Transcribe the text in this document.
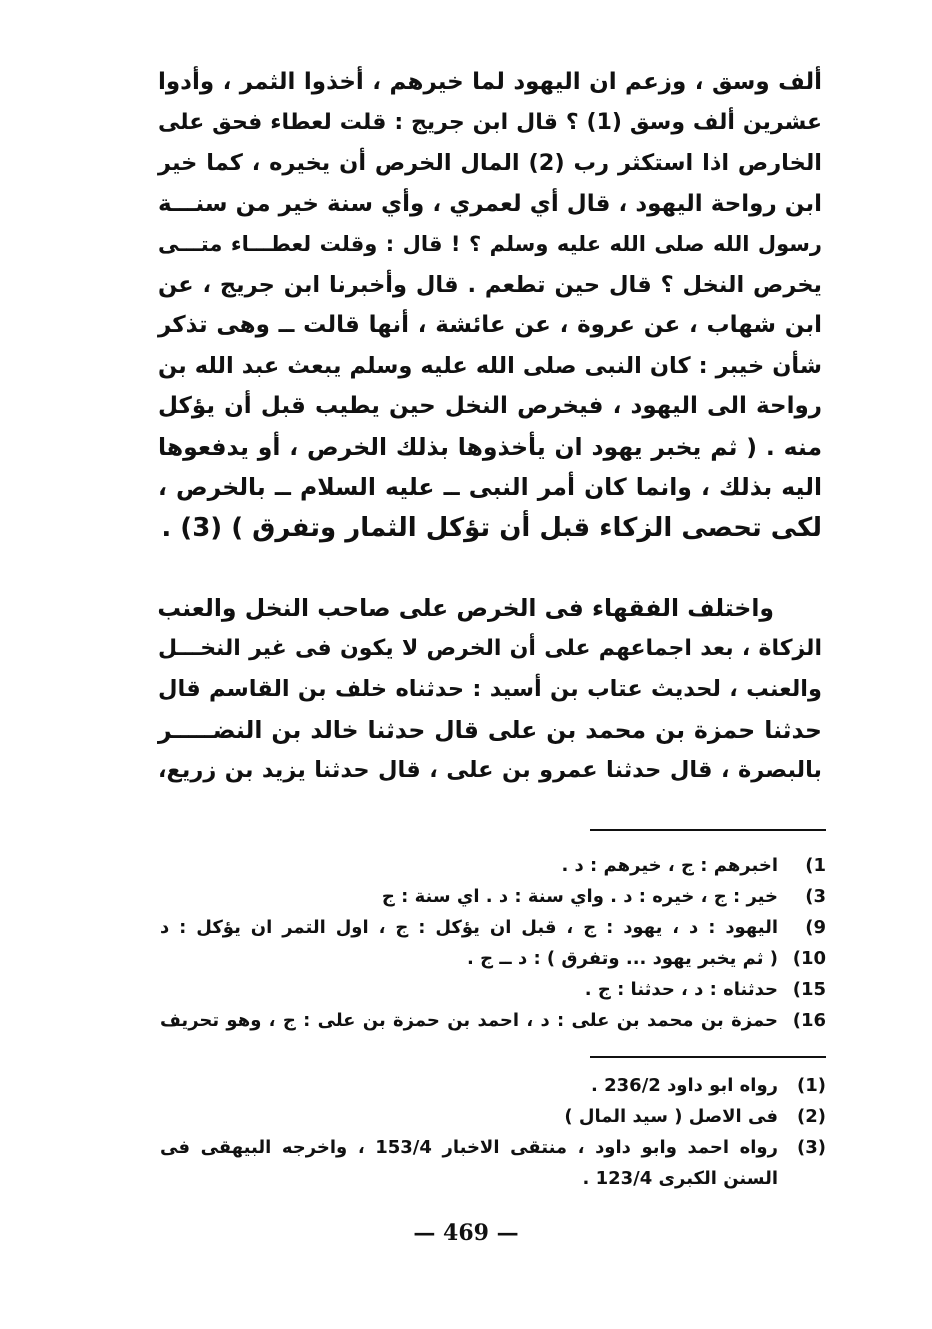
ألف وسق ، وزعم ان اليهود لما خيرهم ، أخذوا الثمر ، وأدوا
عشرين ألف وسق (1) ؟ قال ابن جريج : قلت لعطاء فحق على
الخارص اذا استكثر رب (2) المال الخرص أن يخيره ، كما خير
ابن رواحة اليهود ، قال أي لعمري ، وأي سنة خير من سنـــة
رسول الله صلى الله عليه وسلم ؟ ! قال : وقلت لعطـــاء متـــى
يخرص النخل ؟ قال حين تطعم . قال وأخبرنا ابن جريج ، عن
ابن شهاب ، عن عروة ، عن عائشة ، أنها قالت ــ وهى تذكر
شأن خيبر : كان النبى صلى الله عليه وسلم يبعث عبد الله بن
رواحة الى اليهود ، فيخرص النخل حين يطيب قبل أن يؤكل
منه . ( ثم يخبر يهود ان يأخذوها بذلك الخرص ، أو يدفعوها
اليه بذلك ، وانما كان أمر النبى ــ عليه السلام ــ بالخرص ،
لكى تحصى الزكاء قبل أن تؤكل الثمار وتفرق ) (3) .
واختلف الفقهاء فى الخرص على صاحب النخل والعنب
الزكاة ، بعد اجماعهم على أن الخرص لا يكون فى غير النخـــل
والعنب ، لحديث عتاب بن أسيد : حدثناه خلف بن القاسم قال
حدثنا حمزة بن محمد بن على قال حدثنا خالد بن النضـــــر
بالبصرة ، قال حدثنا عمرو بن على ، قال حدثنا يزيد بن زريع،
1)
اخبرهم : ج ، خيرهم : د .
3)
خير : ج ، خيره : د . واي سنة : د . اي سنة : ج
9)
اليهود : د ، يهود : ج ، قبل ان يؤكل : ج ، اول التمر ان يؤكل : د
10)
( ثم يخبر يهود ... وتفرق ) : د ــ ج .
15)
حدثناه : د ، حدثنا : ج .
16)
حمزة بن محمد بن على : د ، احمد بن حمزة بن على : ج ، وهو تحريف
(1)
رواه ابو داود 236/2 .
(2)
فى الاصل ( سيد المال )
(3)
رواه احمد وابو داود ، منتقى الاخبار 153/4 ، واخرجه البيهقى فى
السنن الكبرى 123/4 .
— 469 —
